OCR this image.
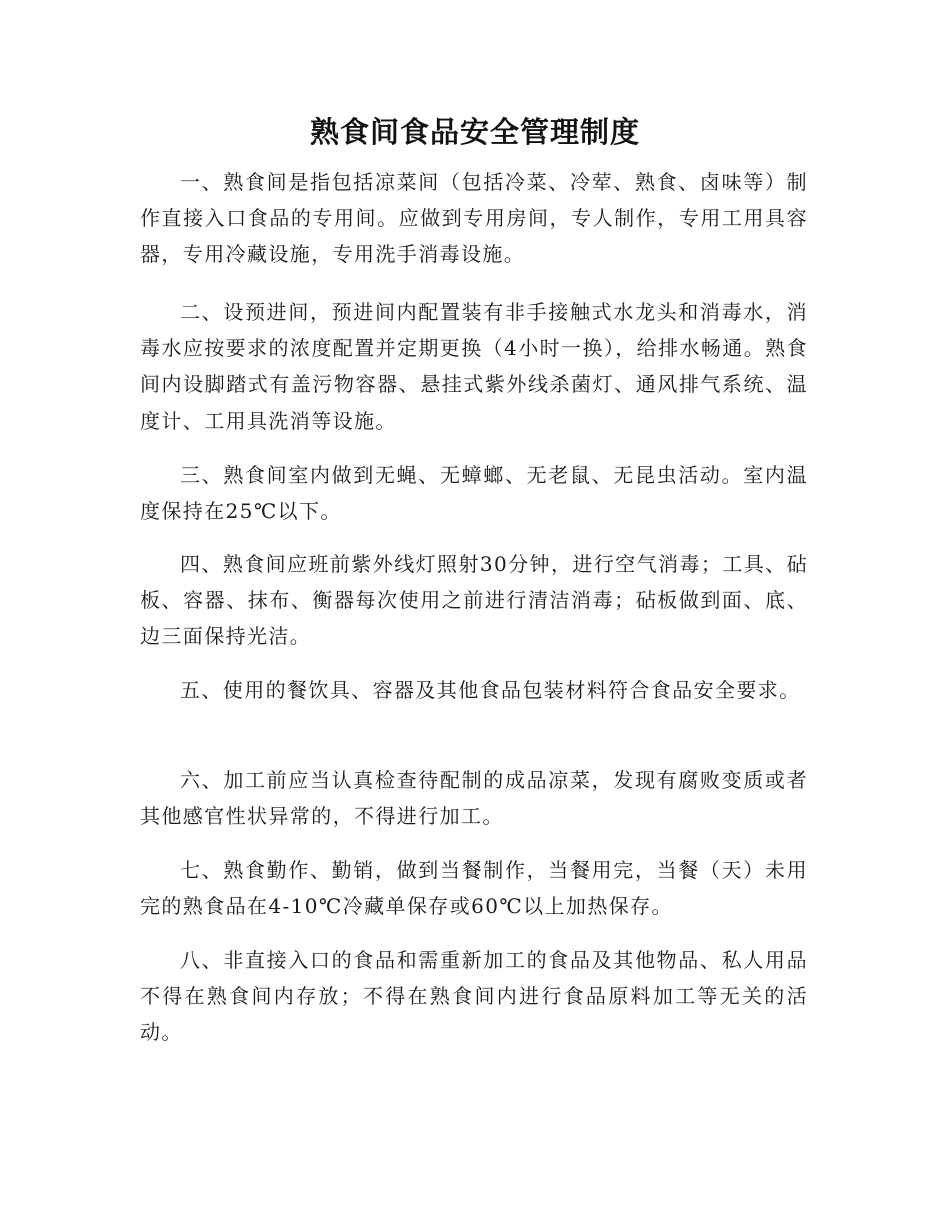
熟食间食品安全管理制度

一、熟食间是指包括凉菜间（包括冷菜、冷荤、熟食、卤味等）制作直接入口食品的专用间。应做到专用房间，专人制作，专用工用具容器，专用冷藏设施，专用洗手消毒设施。

二、设预进间，预进间内配置装有非手接触式水龙头和消毒水，消毒水应按要求的浓度配置并定期更换（4小时一换），给排水畅通。熟食间内设脚踏式有盖污物容器、悬挂式紫外线杀菌灯、通风排气系统、温度计、工用具洗消等设施。

三、熟食间室内做到无蝇、无蟑螂、无老鼠、无昆虫活动。室内温度保持在25℃以下。

四、熟食间应班前紫外线灯照射30分钟，进行空气消毒；工具、砧板、容器、抹布、衡器每次使用之前进行清洁消毒；砧板做到面、底、边三面保持光洁。

五、使用的餐饮具、容器及其他食品包装材料符合食品安全要求。

六、加工前应当认真检查待配制的成品凉菜，发现有腐败变质或者其他感官性状异常的，不得进行加工。

七、熟食勤作、勤销，做到当餐制作，当餐用完，当餐（天）未用完的熟食品在4-10℃冷藏单保存或60℃以上加热保存。

八、非直接入口的食品和需重新加工的食品及其他物品、私人用品不得在熟食间内存放；不得在熟食间内进行食品原料加工等无关的活动。
